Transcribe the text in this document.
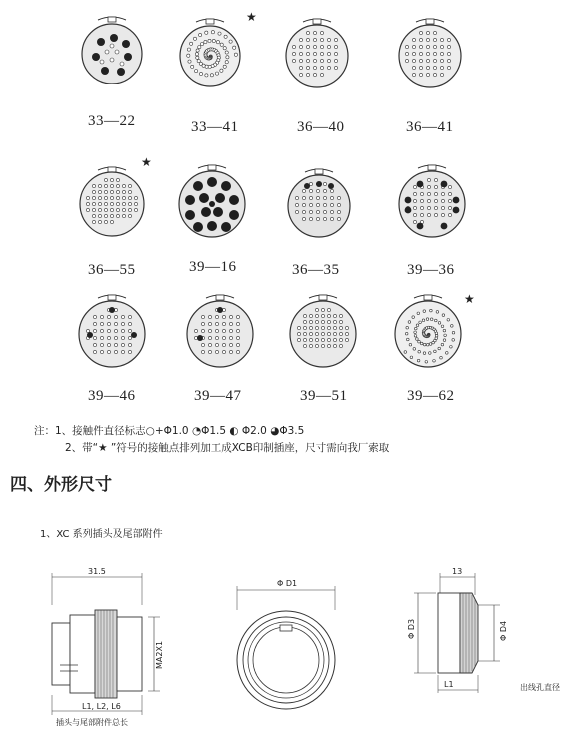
33—22
★
33—41	36—40	36—41
★
36—55	39—16	36—35	39—36
39—46	39—47	39—51
★
39—62
注：1、接触件直径标志○+Φ1.0 ◔Φ1.5 ◐ Φ2.0 ◕Φ3.5
2、带“★ ”符号的接触点排列加工成XCB印制插座，尺寸需向我厂索取
四、外形尺寸
1、XC 系列插头及尾部附件
31.5
MA2X1
L1, L2, L6
插头与尾部附件总长
Φ D1
13
Φ D3	Φ D4
L1	出线孔直径
